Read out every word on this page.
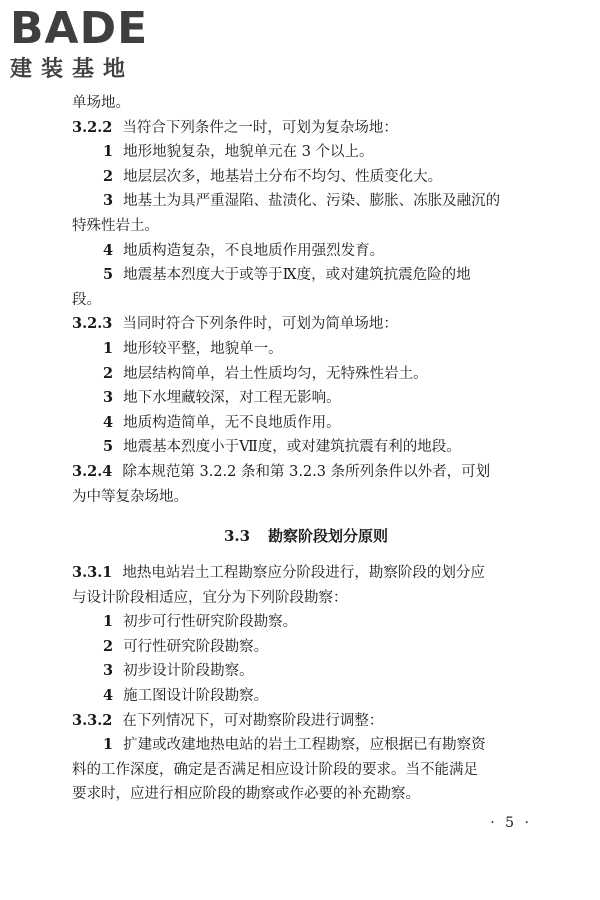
BADE
建装基地
单场地。
3.2.2 当符合下列条件之一时，可划为复杂场地：
1 地形地貌复杂，地貌单元在 3 个以上。
2 地层层次多，地基岩土分布不均匀、性质变化大。
3 地基土为具严重湿陷、盐渍化、污染、膨胀、冻胀及融沉的
特殊性岩土。
4 地质构造复杂，不良地质作用强烈发育。
5 地震基本烈度大于或等于Ⅸ度，或对建筑抗震危险的地
段。
3.2.3 当同时符合下列条件时，可划为简单场地：
1 地形较平整，地貌单一。
2 地层结构简单，岩土性质均匀，无特殊性岩土。
3 地下水埋藏较深，对工程无影响。
4 地质构造简单，无不良地质作用。
5 地震基本烈度小于Ⅶ度，或对建筑抗震有利的地段。
3.2.4 除本规范第 3.2.2 条和第 3.2.3 条所列条件以外者，可划
为中等复杂场地。
3.3 勘察阶段划分原则
3.3.1 地热电站岩土工程勘察应分阶段进行，勘察阶段的划分应
与设计阶段相适应，宜分为下列阶段勘察：
1 初步可行性研究阶段勘察。
2 可行性研究阶段勘察。
3 初步设计阶段勘察。
4 施工图设计阶段勘察。
3.3.2 在下列情况下，可对勘察阶段进行调整：
1 扩建或改建地热电站的岩土工程勘察，应根据已有勘察资
料的工作深度，确定是否满足相应设计阶段的要求。当不能满足
要求时，应进行相应阶段的勘察或作必要的补充勘察。
· 5 ·
